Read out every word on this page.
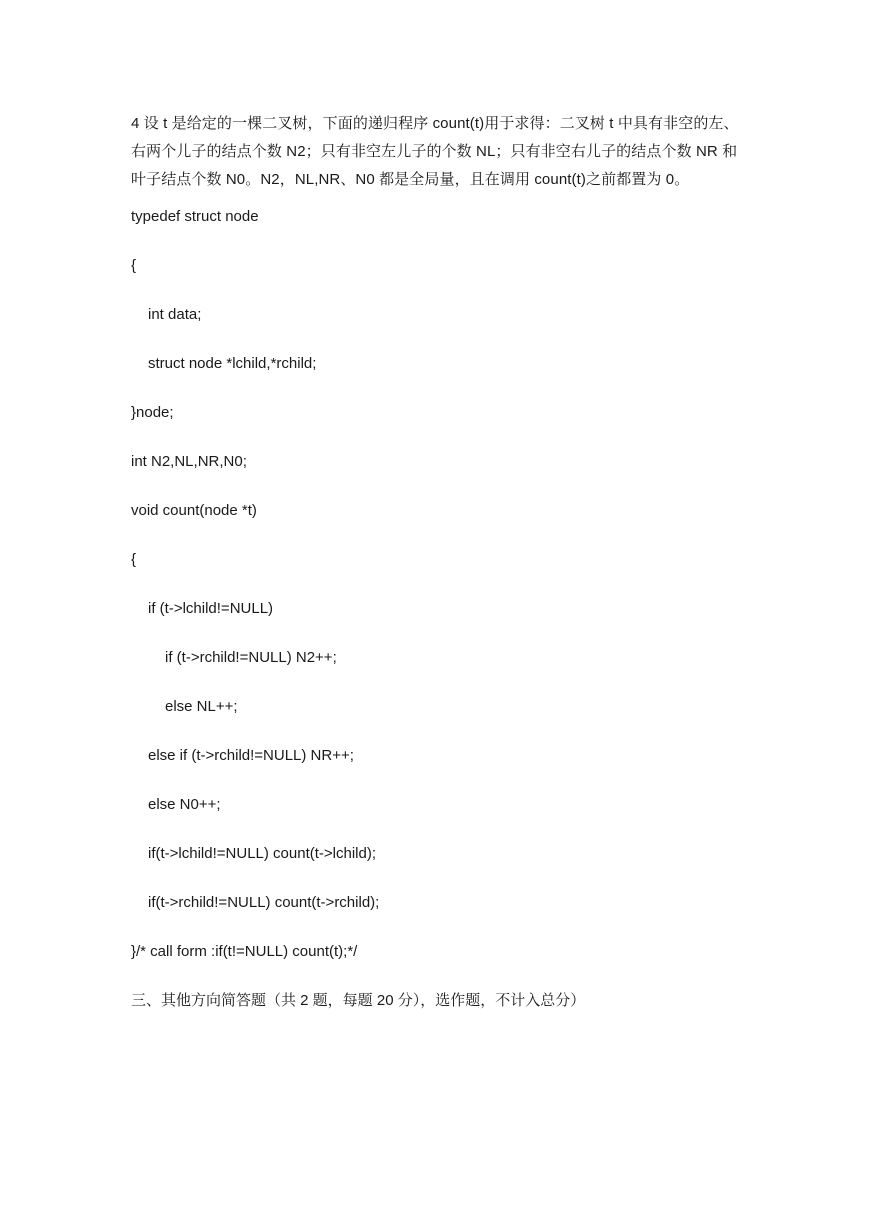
4 设 t 是给定的一棵二叉树，下面的递归程序 count(t)用于求得：二叉树 t 中具有非空的左、右两个儿子的结点个数 N2；只有非空左儿子的个数 NL；只有非空右儿子的结点个数 NR 和叶子结点个数 N0。N2，NL,NR、N0 都是全局量，且在调用 count(t)之前都置为 0。

typedef struct node
{
int data;
struct node *lchild,*rchild;
}node;
int N2,NL,NR,N0;
void count(node *t)
{
if (t->lchild!=NULL)
if (t->rchild!=NULL) N2++;
else NL++;
else if (t->rchild!=NULL) NR++;
else N0++;
if(t->lchild!=NULL) count(t->lchild);
if(t->rchild!=NULL) count(t->rchild);
}/* call form :if(t!=NULL) count(t);*/
三、其他方向简答题（共 2 题，每题 20 分），选作题，不计入总分）
